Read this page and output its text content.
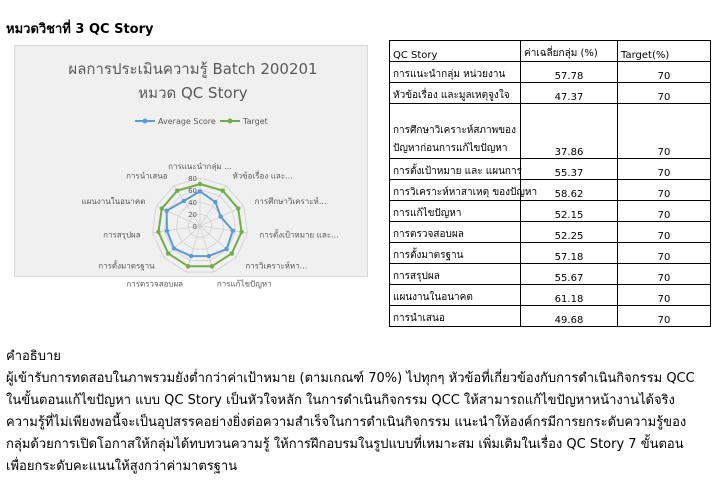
หมวดวิชาที่ 3 QC Story
ผลการประเมินความรู้ Batch 200201
หมวด QC Story
Average Score	Target
0
20
40
60
80
การแนะนำกลุ่ม ...
หัวข้อเรื่อง และ...
การศึกษาวิเคราะห์...
การตั้งเป้าหมาย และ...
การวิเคราะห์หา...
การแก้ไขปัญหา
การตรวจสอบผล
การตั้งมาตรฐาน
การสรุปผล
แผนงานในอนาคต
การนำเสนอ
QC Story	ค่าเฉลี่ยกลุ่ม (%)	Target(%)
การแนะนำกลุ่ม หน่วยงาน	57.78	70
หัวข้อเรื่อง และมูลเหตุจูงใจ	47.37	70

การศึกษาวิเคราะห์สภาพของปัญหาก่อนการแก้ไขปัญหา	37.86	70
การตั้งเป้าหมาย และ แผนการ	55.37	70
การวิเคราะห์หาสาเหตุ ของปัญหา	58.62	70
การแก้ไขปัญหา	52.15	70
การตรวจสอบผล	52.25	70
การตั้งมาตรฐาน	57.18	70
การสรุปผล	55.67	70
แผนงานในอนาคต	61.18	70
การนำเสนอ	49.68	70
คำอธิบาย
ผู้เข้ารับการทดสอบในภาพรวมยังต่ำกว่าค่าเป้าหมาย (ตามเกณฑ์ 70%) ไปทุกๆ หัวข้อที่เกี่ยวข้องกับการดำเนินกิจกรรม QCC ในขั้นตอนแก้ไขปัญหา แบบ QC Story เป็นหัวใจหลัก ในการดำเนินกิจกรรม QCC ให้สามารถแก้ไขปัญหาหน้างานได้จริง ความรู้ที่ไม่เพียงพอนี้จะเป็นอุปสรรคอย่างยิ่งต่อความสำเร็จในการดำเนินกิจกรรม แนะนำให้องค์กรมีการยกระดับความรู้ของกลุ่มด้วยการเปิดโอกาสให้กลุ่มได้ทบทวนความรู้ ให้การฝึกอบรมในรูปแบบที่เหมาะสม เพิ่มเติมในเรื่อง QC Story 7 ขั้นตอน เพื่อยกระดับคะแนนให้สูงกว่าค่ามาตรฐาน
